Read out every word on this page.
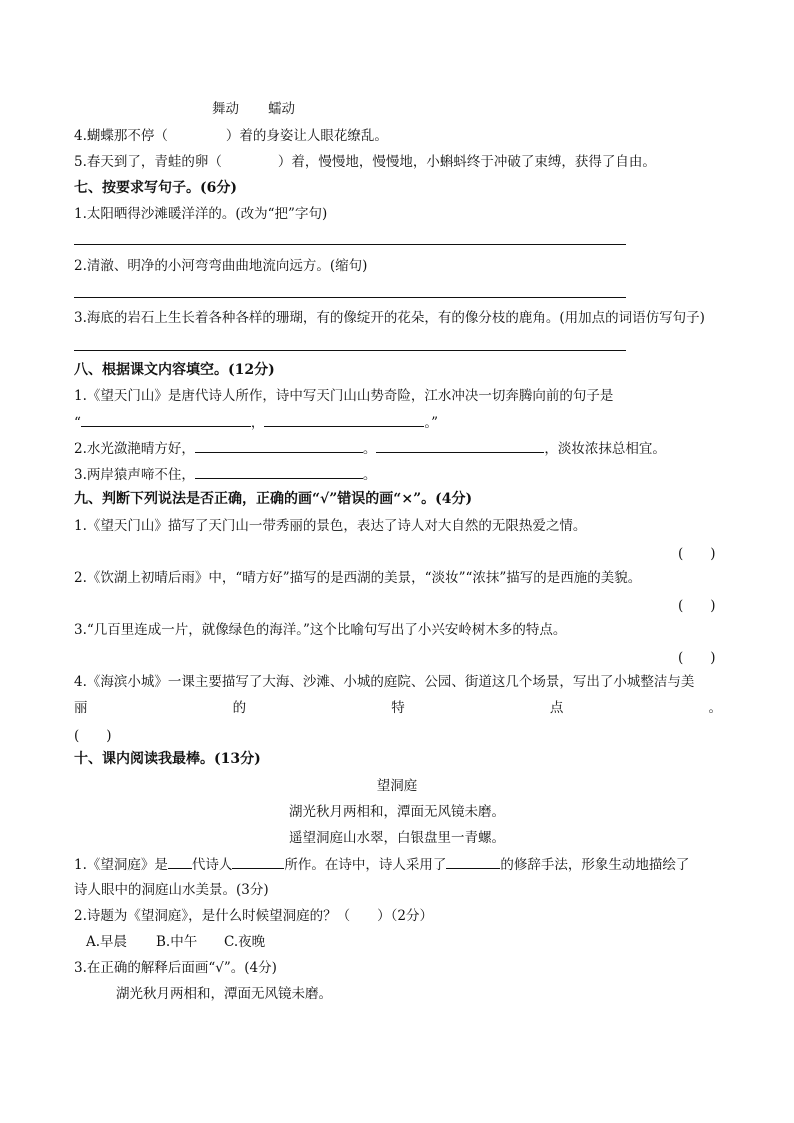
舞动 蠕动
4.蝴蝶那不停（	）着的身姿让人眼花缭乱。
5.春天到了，青蛙的卵（	）着，慢慢地，慢慢地，小蝌蚪终于冲破了束缚，获得了自由。
七、按要求写句子。(6分)
1.太阳晒得沙滩暖洋洋的。(改为“把”字句)
2.清澈、明净的小河弯弯曲曲地流向远方。(缩句)
3.海底的岩石上生长着各种各样的珊瑚，有的像绽开的花朵，有的像分枝的鹿角。(用加点的词语仿写句子)
八、根据课文内容填空。(12分)
1.《望天门山》是唐代诗人所作，诗中写天门山山势奇险，江水冲决一切奔腾向前的句子是
“	，	。”
2.水光潋滟晴方好，	。	，淡妆浓抹总相宜。
3.两岸猿声啼不住，	。
九、判断下列说法是否正确，正确的画“√”错误的画“×”。(4分)
1.《望天门山》描写了天门山一带秀丽的景色，表达了诗人对大自然的无限热爱之情。
(　　)
2.《饮湖上初晴后雨》中，“晴方好”描写的是西湖的美景，“淡妆”“浓抹”描写的是西施的美貌。
(　　)
3.“几百里连成一片，就像绿色的海洋。”这个比喻句写出了小兴安岭树木多的特点。
(　　)
4.《海滨小城》一课主要描写了大海、沙滩、小城的庭院、公园、街道这几个场景，写出了小城整洁与美
丽	的	特	点	。
(　　)
十、课内阅读我最棒。(13分)
望洞庭
湖光秋月两相和，潭面无风镜未磨。
遥望洞庭山水翠，白银盘里一青螺。
1.《望洞庭》是 代诗人	所作。在诗中，诗人采用了	的修辞手法，形象生动地描绘了
诗人眼中的洞庭山水美景。(3分)
2.诗题为《望洞庭》，是什么时候望洞庭的？（　　）（2分）
A.早晨 B.中午 C.夜晚
3.在正确的解释后面画“√”。(4分)
湖光秋月两相和，潭面无风镜未磨。
